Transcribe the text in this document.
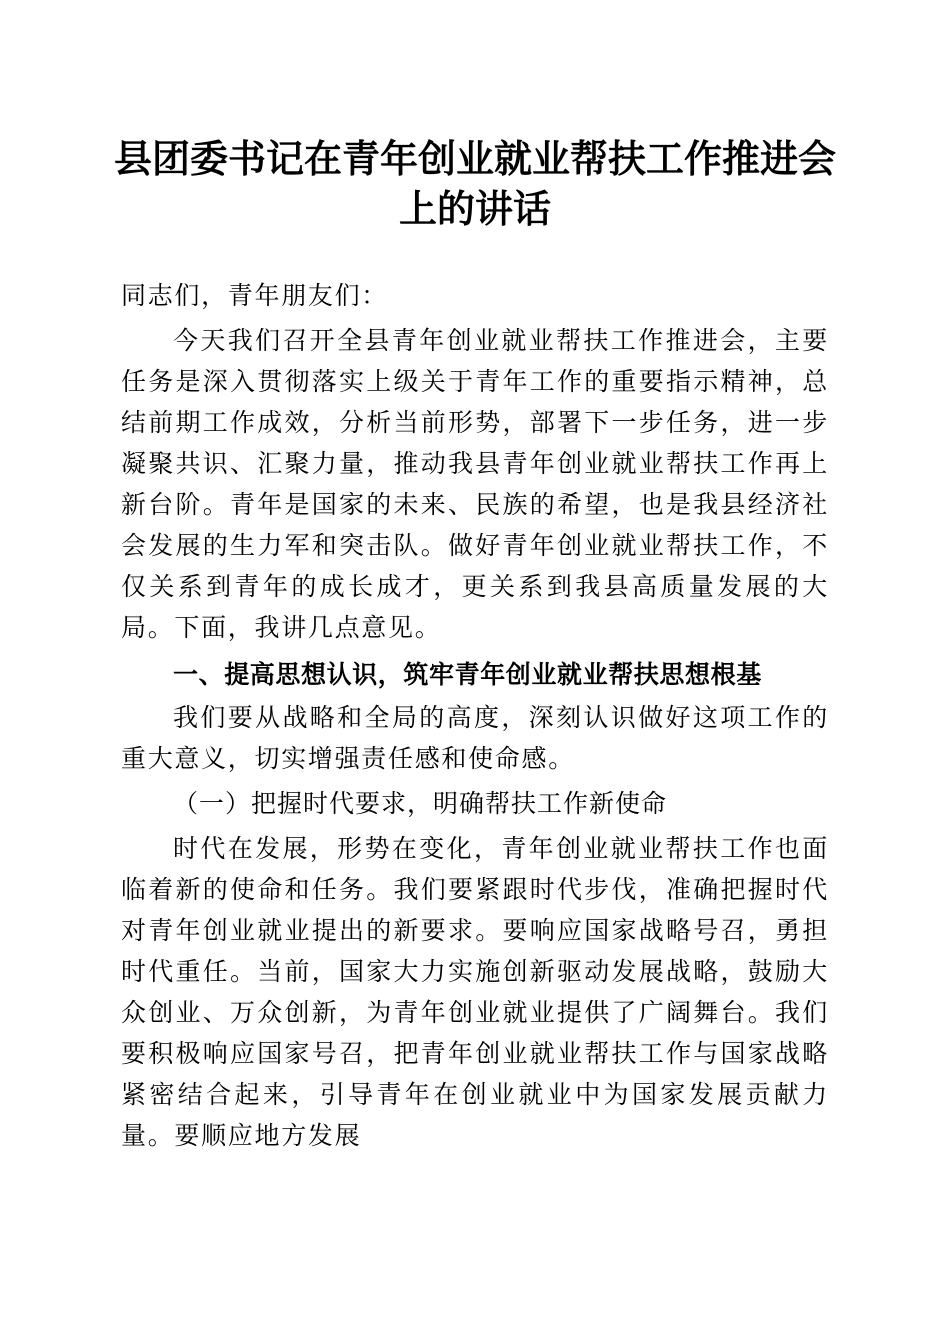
县团委书记在青年创业就业帮扶工作推进会上的讲话

同志们，青年朋友们：

今天我们召开全县青年创业就业帮扶工作推进会，主要任务是深入贯彻落实上级关于青年工作的重要指示精神，总结前期工作成效，分析当前形势，部署下一步任务，进一步凝聚共识、汇聚力量，推动我县青年创业就业帮扶工作再上新台阶。青年是国家的未来、民族的希望，也是我县经济社会发展的生力军和突击队。做好青年创业就业帮扶工作，不仅关系到青年的成长成才，更关系到我县高质量发展的大局。下面，我讲几点意见。

一、提高思想认识，筑牢青年创业就业帮扶思想根基

我们要从战略和全局的高度，深刻认识做好这项工作的重大意义，切实增强责任感和使命感。

（一）把握时代要求，明确帮扶工作新使命

时代在发展，形势在变化，青年创业就业帮扶工作也面临着新的使命和任务。我们要紧跟时代步伐，准确把握时代对青年创业就业提出的新要求。要响应国家战略号召，勇担时代重任。当前，国家大力实施创新驱动发展战略，鼓励大众创业、万众创新，为青年创业就业提供了广阔舞台。我们要积极响应国家号召，把青年创业就业帮扶工作与国家战略紧密结合起来，引导青年在创业就业中为国家发展贡献力量。要顺应地方发展
